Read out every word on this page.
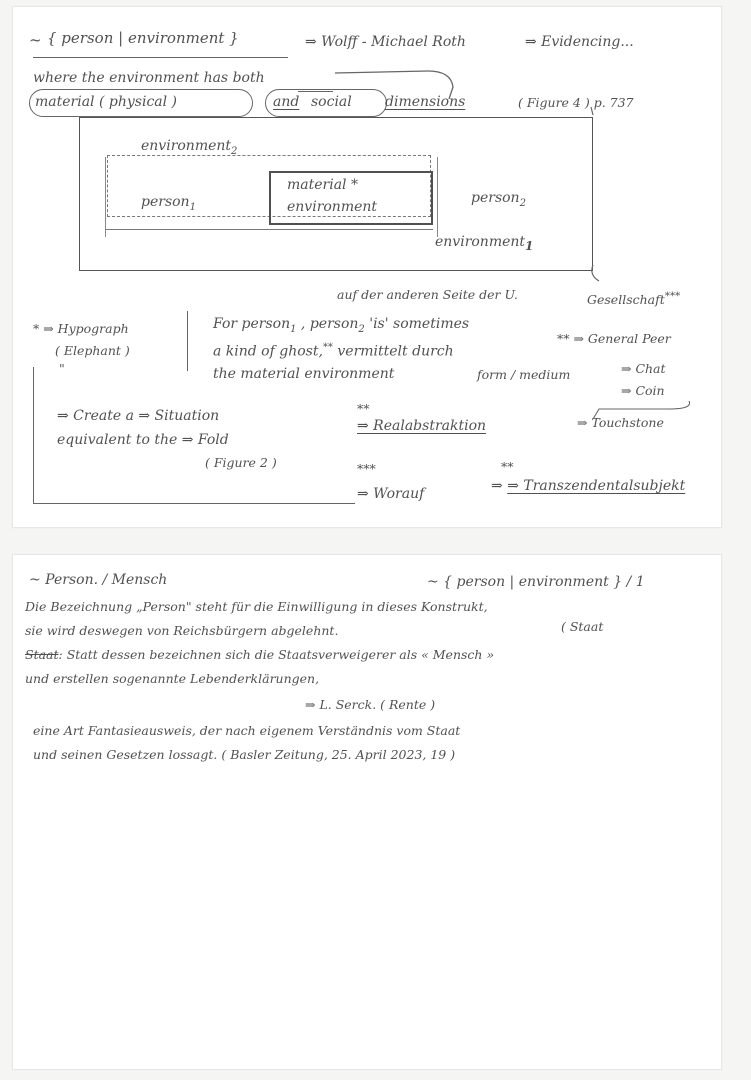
~ { person | environment }	⇒ Wolff - Michael Roth	⇒ Evidencing...
where the environment has both
material ( physical )	and social dimensions	( Figure 4 ) p. 737
environment$_2$
person$_1$
material *
environment
person$_2$
environment$_1$
auf der anderen Seite der U.	Gesellschaft***
* ⇒ Hypograph
( Elephant )
"
For person$_1$ , person$_2$ 'is' sometimes
a kind of ghost,** vermittelt durch
the material environment	form / medium
** ⇒ General Peer
⇒ Chat
⇒ Coin
⇒ Create a ⇒ Situation
equivalent to the ⇒ Fold
( Figure 2 )
**
⇒ Realabstraktion	⇒ Touchstone
***
⇒ Worauf
**
⇒ ⇒ Transzendentalsubjekt
~ Person. / Mensch	~ { person | environment } / 1
Die Bezeichnung „Person" steht für die Einwilligung in dieses Konstrukt,
( Staat
sie wird deswegen von Reichsbürgern abgelehnt.
Staat: Statt dessen bezeichnen sich die Staatsverweigerer als « Mensch »
und erstellen sogenannte Lebenderklärungen,
⇒ L. Serck. ( Rente )
eine Art Fantasieausweis, der nach eigenem Verständnis vom Staat
und seinen Gesetzen lossagt. ( Basler Zeitung, 25. April 2023, 19 )
